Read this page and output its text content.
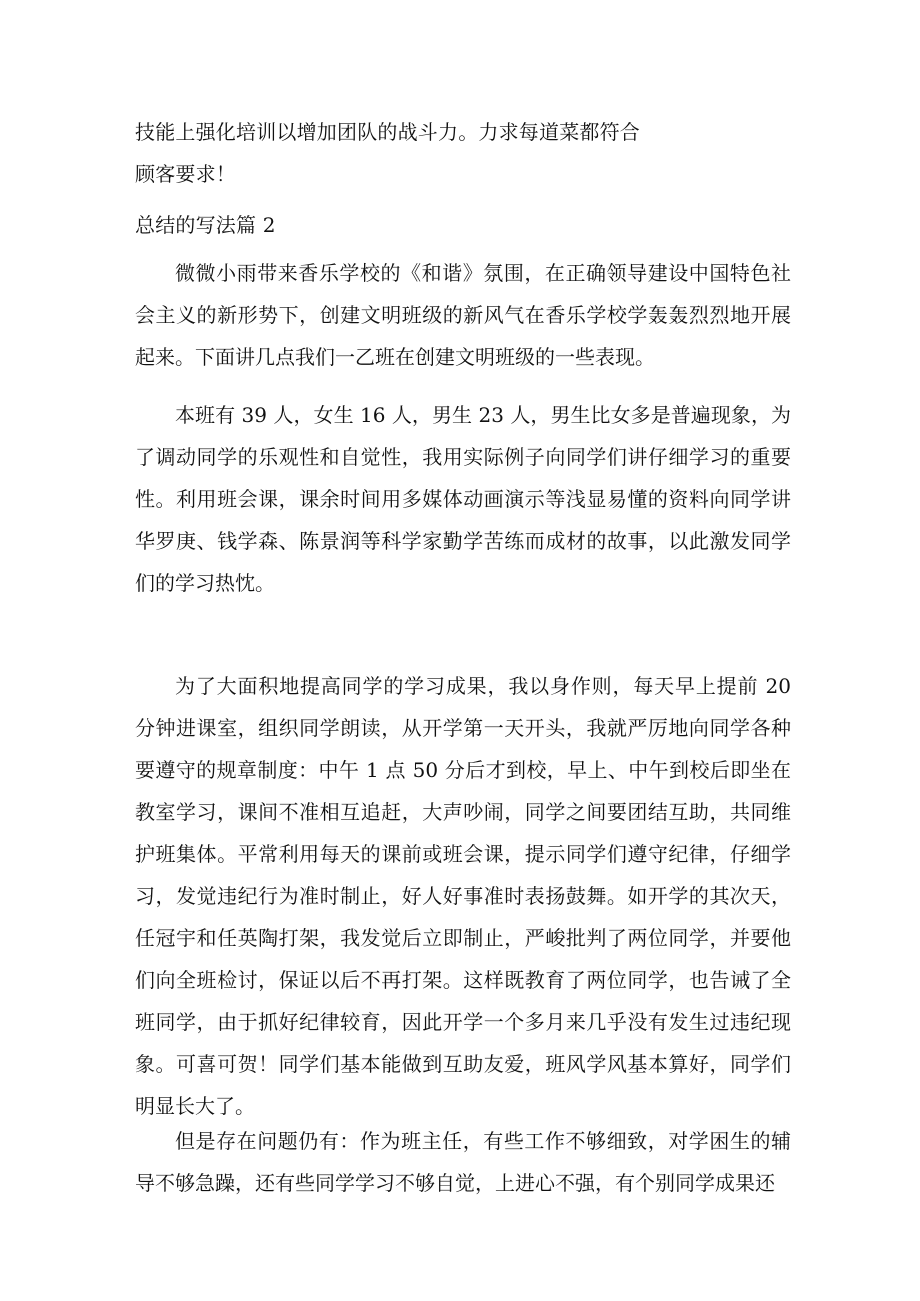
技能上强化培训以增加团队的战斗力。力求每道菜都符合
顾客要求！
总结的写法篇 2

微微小雨带来香乐学校的《和谐》氛围，在正确领导建设中国特色社会主义的新形势下，创建文明班级的新风气在香乐学校学轰轰烈烈地开展起来。下面讲几点我们一乙班在创建文明班级的一些表现。

本班有 39 人，女生 16 人，男生 23 人，男生比女多是普遍现象，为了调动同学的乐观性和自觉性，我用实际例子向同学们讲仔细学习的重要性。利用班会课，课余时间用多媒体动画演示等浅显易懂的资料向同学讲华罗庚、钱学森、陈景润等科学家勤学苦练而成材的故事，以此激发同学们的学习热忱。

为了大面积地提高同学的学习成果，我以身作则，每天早上提前 20 分钟进课室，组织同学朗读，从开学第一天开头，我就严厉地向同学各种要遵守的规章制度：中午 1 点 50 分后才到校，早上、中午到校后即坐在教室学习，课间不准相互追赶，大声吵闹，同学之间要团结互助，共同维护班集体。平常利用每天的课前或班会课，提示同学们遵守纪律，仔细学习，发觉违纪行为准时制止，好人好事准时表扬鼓舞。如开学的其次天，任冠宇和任英陶打架，我发觉后立即制止，严峻批判了两位同学，并要他们向全班检讨，保证以后不再打架。这样既教育了两位同学，也告诫了全班同学，由于抓好纪律较育，因此开学一个多月来几乎没有发生过违纪现象。可喜可贺！同学们基本能做到互助友爱，班风学风基本算好，同学们明显长大了。

但是存在问题仍有：作为班主任，有些工作不够细致，对学困生的辅导不够急躁，还有些同学学习不够自觉，上进心不强，有个别同学成果还
